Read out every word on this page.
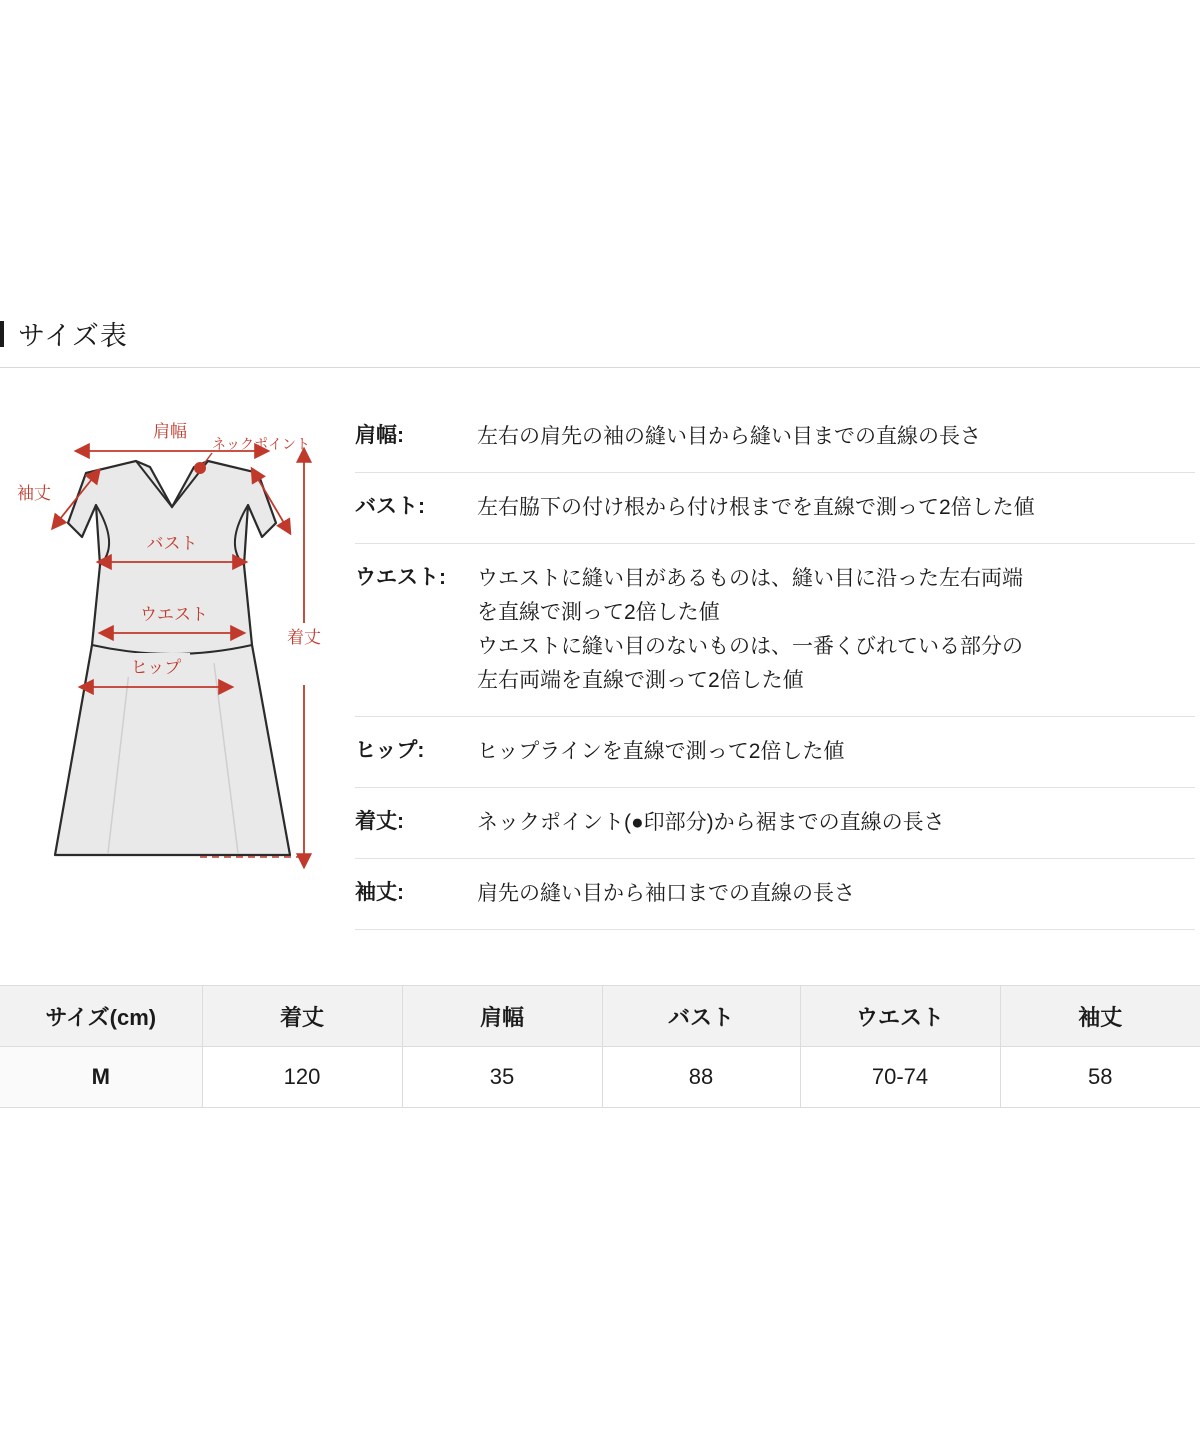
サイズ表
肩幅
ネックポイント
袖丈
バスト
ウエスト
ヒップ
着丈
肩幅:	左右の肩先の袖の縫い目から縫い目までの直線の長さ
バスト:	左右脇下の付け根から付け根までを直線で測って2倍した値
ウエスト:	ウエストに縫い目があるものは、縫い目に沿った左右両端
を直線で測って2倍した値
ウエストに縫い目のないものは、一番くびれている部分の
左右両端を直線で測って2倍した値
ヒップ:	ヒップラインを直線で測って2倍した値
着丈:	ネックポイント(●印部分)から裾までの直線の長さ
袖丈:	肩先の縫い目から袖口までの直線の長さ
サイズ(cm)	着丈	肩幅	バスト	ウエスト	袖丈
M	120	35	88	70-74	58
